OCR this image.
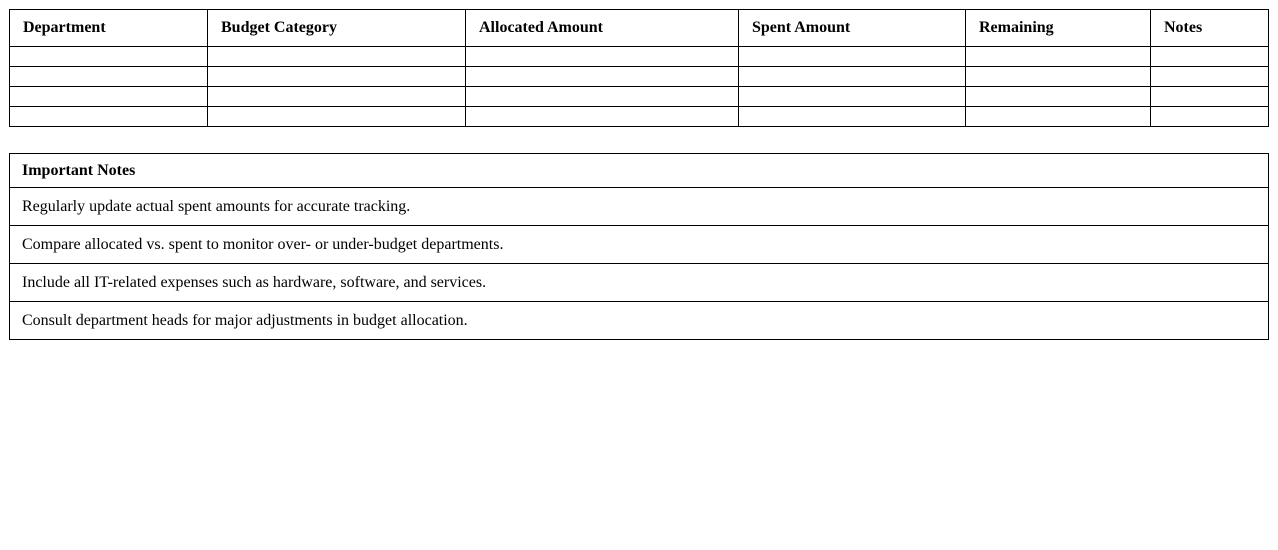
Department	Budget Category	Allocated Amount	Spent Amount	Remaining	Notes

Important Notes
Regularly update actual spent amounts for accurate tracking.
Compare allocated vs. spent to monitor over- or under-budget departments.
Include all IT-related expenses such as hardware, software, and services.
Consult department heads for major adjustments in budget allocation.
